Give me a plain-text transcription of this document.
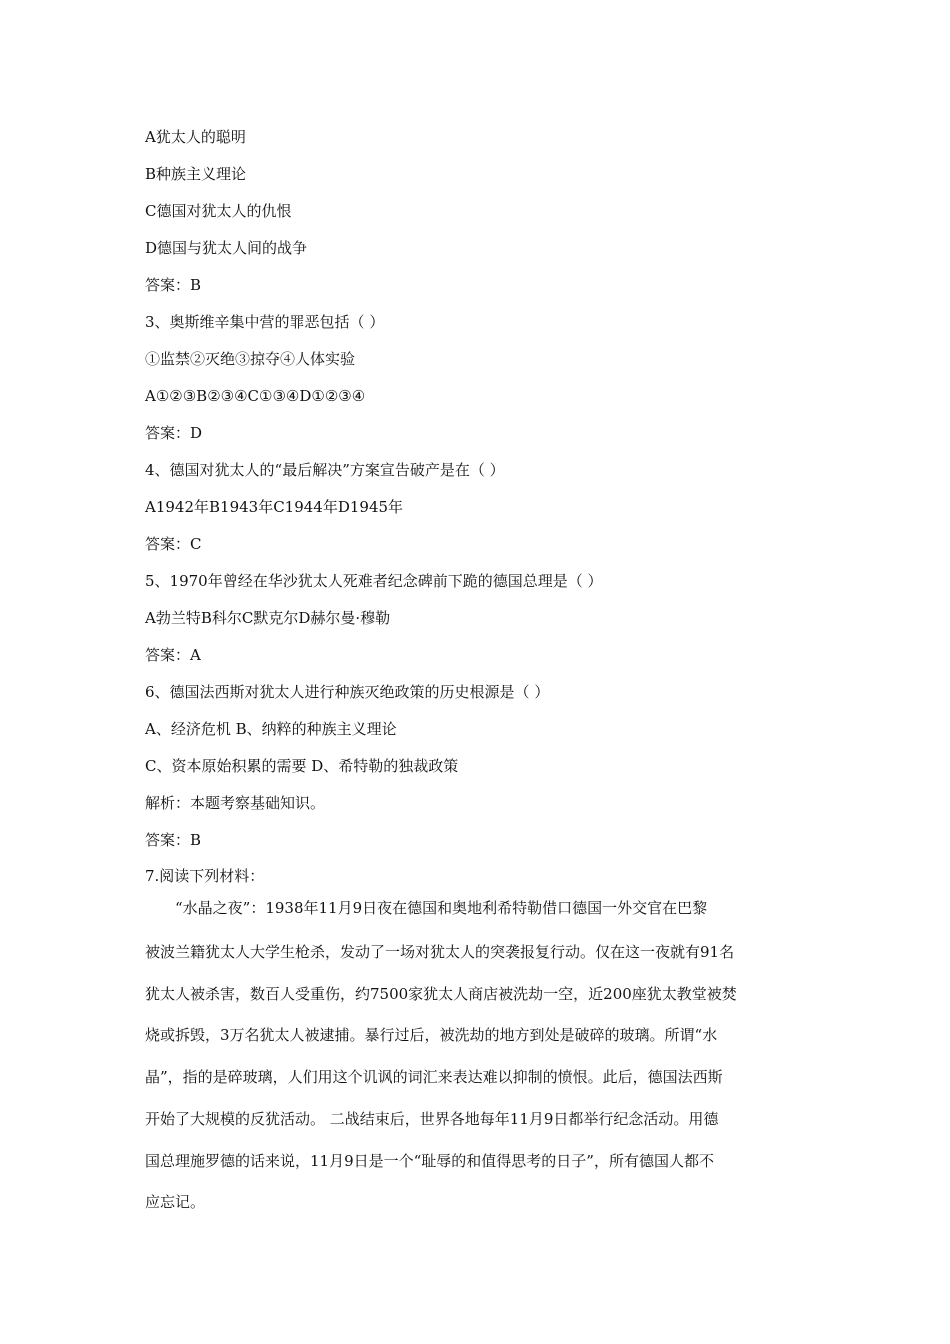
A犹太人的聪明
B种族主义理论
C德国对犹太人的仇恨
D德国与犹太人间的战争
答案：B
3、奥斯维辛集中营的罪恶包括（ ）
①监禁②灭绝③掠夺④人体实验
A①②③B②③④C①③④D①②③④
答案：D
4、德国对犹太人的“最后解决”方案宣告破产是在（ ）
A1942年B1943年C1944年D1945年
答案：C
5、1970年曾经在华沙犹太人死难者纪念碑前下跪的德国总理是（ ）
A勃兰特B科尔C默克尔D赫尔曼·穆勒
答案：A
6、德国法西斯对犹太人进行种族灭绝政策的历史根源是（ ）
A、经济危机 B、纳粹的种族主义理论
C、资本原始积累的需要 D、希特勒的独裁政策
解析：本题考察基础知识。
答案：B
7.阅读下列材料：
“水晶之夜”：1938年11月9日夜在德国和奥地利希特勒借口德国一外交官在巴黎
被波兰籍犹太人大学生枪杀，发动了一场对犹太人的突袭报复行动。仅在这一夜就有91名
犹太人被杀害，数百人受重伤，约7500家犹太人商店被洗劫一空，近200座犹太教堂被焚
烧或拆毁，3万名犹太人被逮捕。暴行过后，被洗劫的地方到处是破碎的玻璃。所谓“水
晶”，指的是碎玻璃，人们用这个讥讽的词汇来表达难以抑制的愤恨。此后，德国法西斯
开始了大规模的反犹活动。 二战结束后，世界各地每年11月9日都举行纪念活动。用德
国总理施罗德的话来说，11月9日是一个“耻辱的和值得思考的日子”，所有德国人都不
应忘记。
